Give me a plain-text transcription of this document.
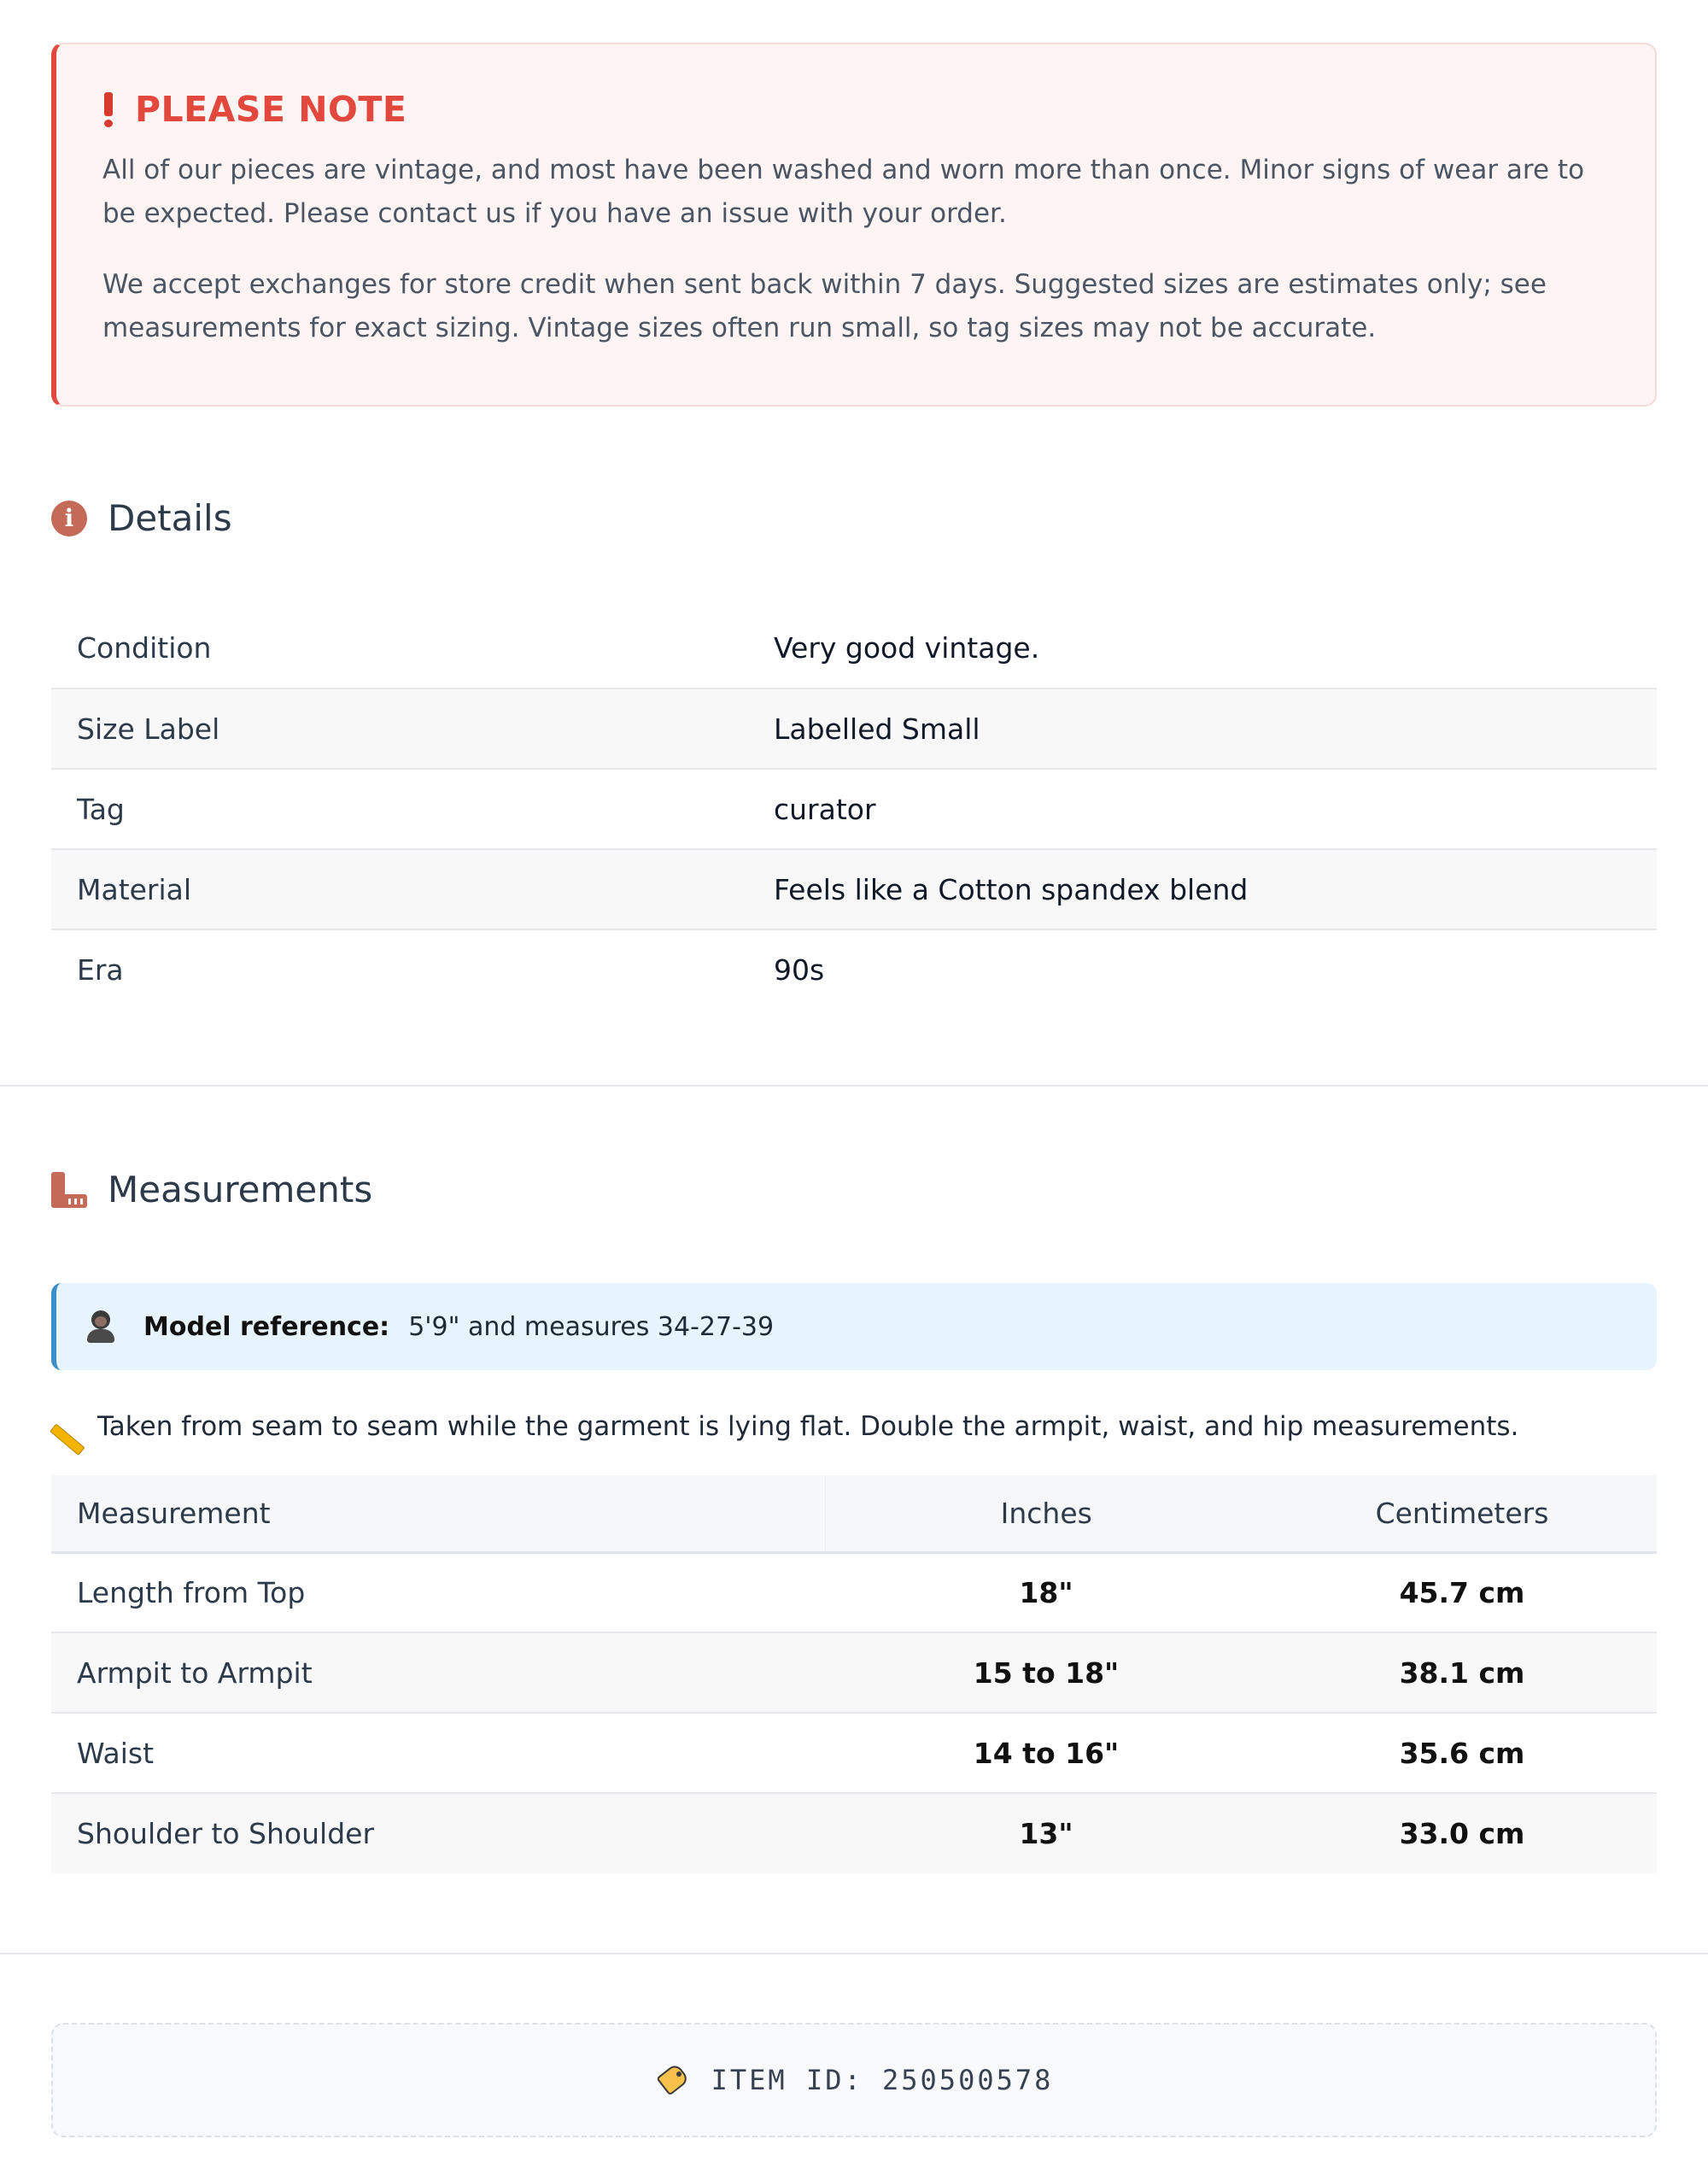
PLEASE NOTE

All of our pieces are vintage, and most have been washed and worn more than once. Minor signs of wear are to be expected. Please contact us if you have an issue with your order.

We accept exchanges for store credit when sent back within 7 days. Suggested sizes are estimates only; see measurements for exact sizing. Vintage sizes often run small, so tag sizes may not be accurate.

i Details
Condition	Very good vintage.
Size Label	Labelled Small
Tag	curator
Material	Feels like a Cotton spandex blend
Era	90s
Measurements
Model reference: 5'9" and measures 34-27-39
Taken from seam to seam while the garment is lying flat. Double the armpit, waist, and hip measurements.
Measurement	Inches	Centimeters
Length from Top	18"	45.7 cm
Armpit to Armpit	15 to 18"	38.1 cm
Waist	14 to 16"	35.6 cm
Shoulder to Shoulder	13"	33.0 cm
ITEM ID: 250500578
